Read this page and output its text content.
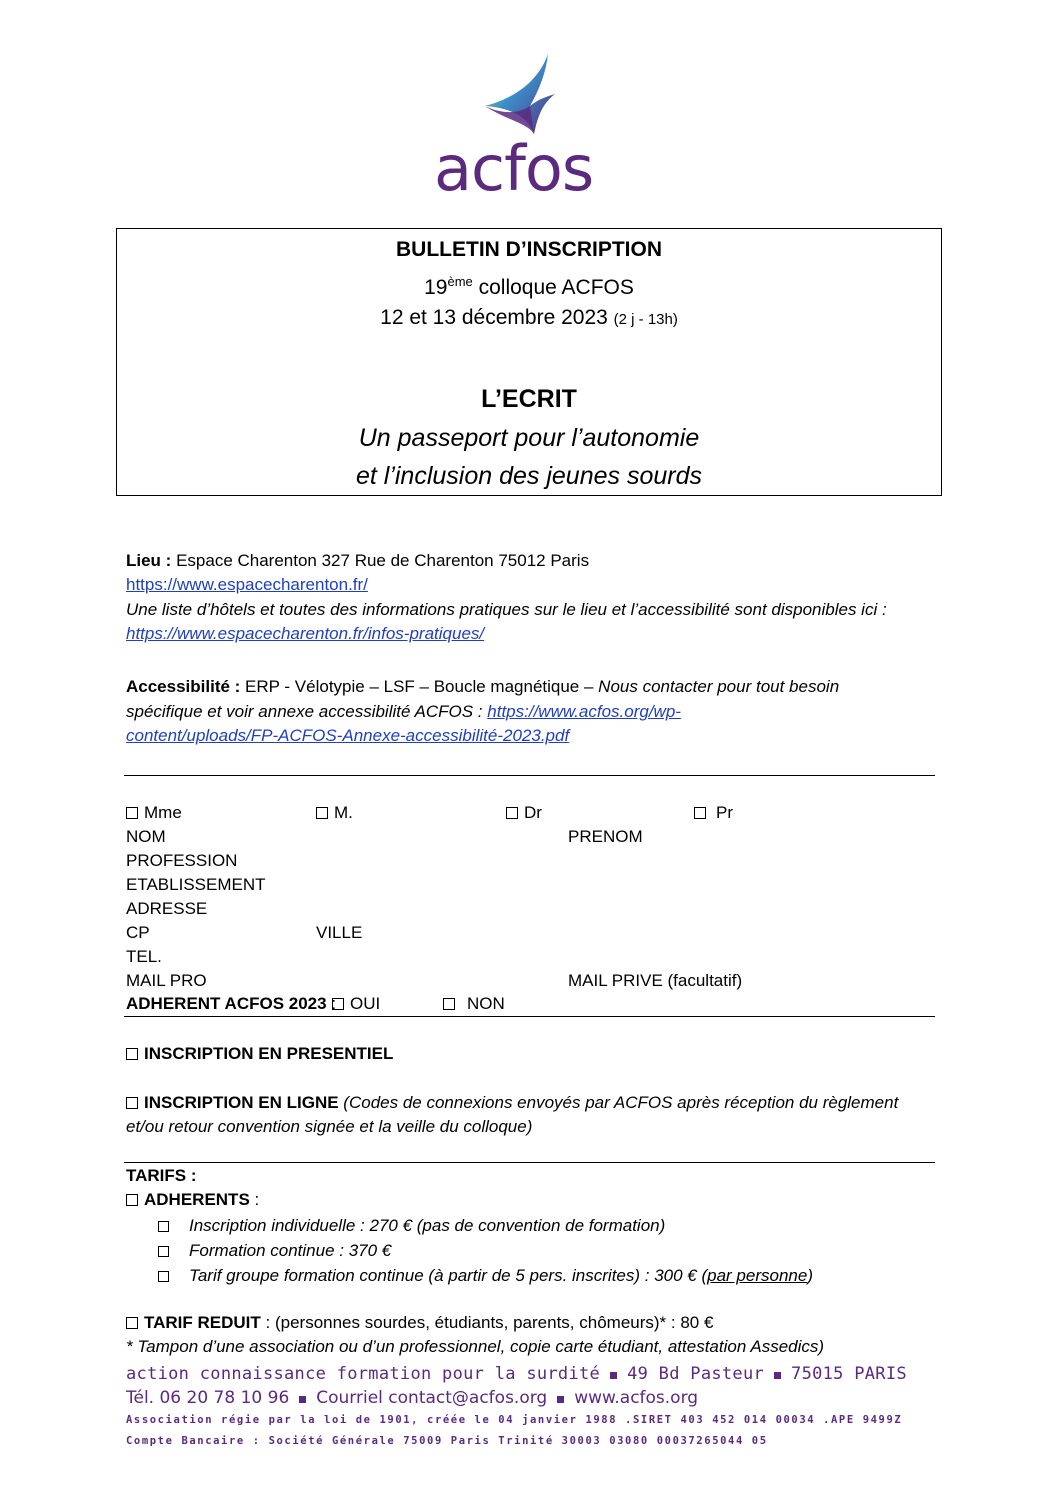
acfos
BULLETIN D’INSCRIPTION
19ème colloque ACFOS
12 et 13 décembre 2023 (2 j - 13h)
L’ECRIT
Un passeport pour l’autonomie
et l’inclusion des jeunes sourds
Lieu : Espace Charenton 327 Rue de Charenton 75012 Paris
https://www.espacecharenton.fr/
Une liste d’hôtels et toutes des informations pratiques sur le lieu et l’accessibilité sont disponibles ici :
https://www.espacecharenton.fr/infos-pratiques/
Accessibilité : ERP - Vélotypie – LSF – Boucle magnétique – Nous contacter pour tout besoin
spécifique et voir annexe accessibilité ACFOS : https://www.acfos.org/wp-
content/uploads/FP-ACFOS-Annexe-accessibilité-2023.pdf
Mme	M.	Dr	Pr
NOM	PRENOM
PROFESSION
ETABLISSEMENT
ADRESSE
CP	VILLE
TEL.
MAIL PRO	MAIL PRIVE (facultatif)
ADHERENT ACFOS 2023 : OUI	NON
INSCRIPTION EN PRESENTIEL
INSCRIPTION EN LIGNE (Codes de connexions envoyés par ACFOS après réception du règlement
et/ou retour convention signée et la veille du colloque)
TARIFS :
ADHERENTS :
Inscription individuelle : 270 € (pas de convention de formation)
Formation continue : 370 €
Tarif groupe formation continue (à partir de 5 pers. inscrites) : 300 € (par personne)
TARIF REDUIT : (personnes sourdes, étudiants, parents, chômeurs)* : 80 €
* Tampon d’une association ou d’un professionnel, copie carte étudiant, attestation Assedics)
action connaissance formation pour la surdité 49 Bd Pasteur 75015 PARIS
Tél. 06 20 78 10 96 Courriel contact@acfos.org www.acfos.org
Association régie par la loi de 1901, créée le 04 janvier 1988 .SIRET 403 452 014 00034 .APE 9499Z
Compte Bancaire : Société Générale 75009 Paris Trinité 30003 03080 00037265044 05
